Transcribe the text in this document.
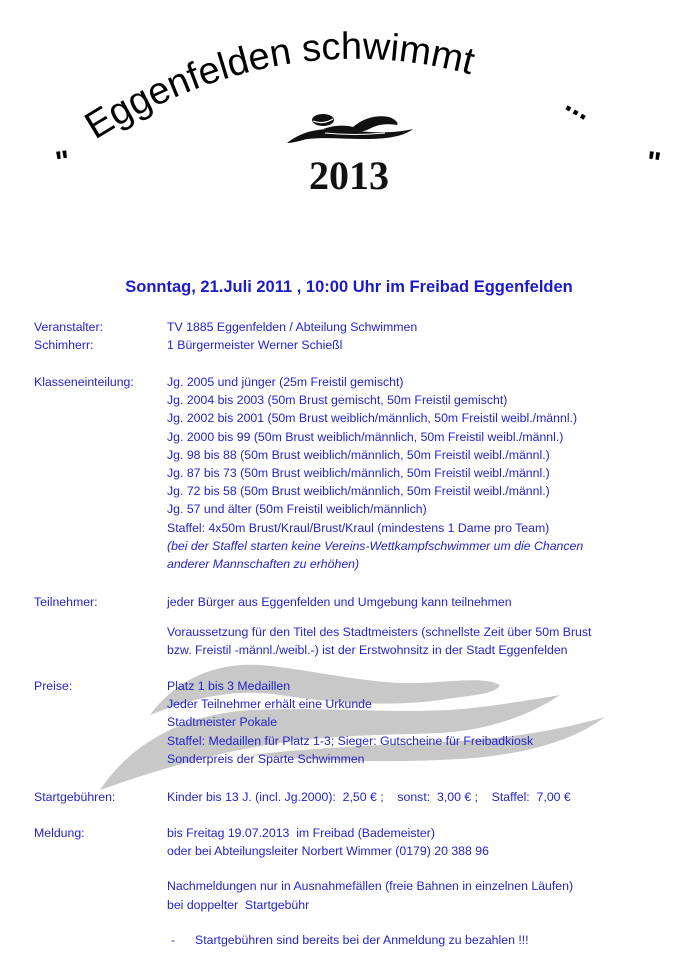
Eggenfelden schwimmt
...
"	"
2013
Sonntag, 21.Juli 2011 , 10:00 Uhr im Freibad Eggenfelden
Veranstalter:	TV 1885 Eggenfelden / Abteilung Schwimmen
Schimherr:	1 Bürgermeister Werner Schießl
Klasseneinteilung:	Jg. 2005 und jünger (25m Freistil gemischt)
Jg. 2004 bis 2003 (50m Brust gemischt, 50m Freistil gemischt)
Jg. 2002 bis 2001 (50m Brust weiblich/männlich, 50m Freistil weibl./männl.)
Jg. 2000 bis 99 (50m Brust weiblich/männlich, 50m Freistil weibl./männl.)
Jg. 98 bis 88 (50m Brust weiblich/männlich, 50m Freistil weibl./männl.)
Jg. 87 bis 73 (50m Brust weiblich/männlich, 50m Freistil weibl./männl.)
Jg. 72 bis 58 (50m Brust weiblich/männlich, 50m Freistil weibl./männl.)
Jg. 57 und älter (50m Freistil weiblich/männlich)
Staffel: 4x50m Brust/Kraul/Brust/Kraul (mindestens 1 Dame pro Team)
(bei der Staffel starten keine Vereins-Wettkampfschwimmer um die Chancen
anderer Mannschaften zu erhöhen)
Teilnehmer:	jeder Bürger aus Eggenfelden und Umgebung kann teilnehmen
Voraussetzung für den Titel des Stadtmeisters (schnellste Zeit über 50m Brust
bzw. Freistil -männl./weibl.-) ist der Erstwohnsitz in der Stadt Eggenfelden
Preise:	Platz 1 bis 3 Medaillen
Jeder Teilnehmer erhält eine Urkunde
Stadtmeister Pokale
Staffel: Medaillen für Platz 1-3; Sieger: Gutscheine für Freibadkiosk
Sonderpreis der Sparte Schwimmen
Startgebühren:	Kinder bis 13 J. (incl. Jg.2000):  2,50 € ;    sonst:  3,00 € ;    Staffel:  7,00 €
Meldung:	bis Freitag 19.07.2013  im Freibad (Bademeister)
oder bei Abteilungsleiter Norbert Wimmer (0179) 20 388 96
Nachmeldungen nur in Ausnahmefällen (freie Bahnen in einzelnen Läufen)
bei doppelter  Startgebühr
-	Startgebühren sind bereits bei der Anmeldung zu bezahlen !!!
